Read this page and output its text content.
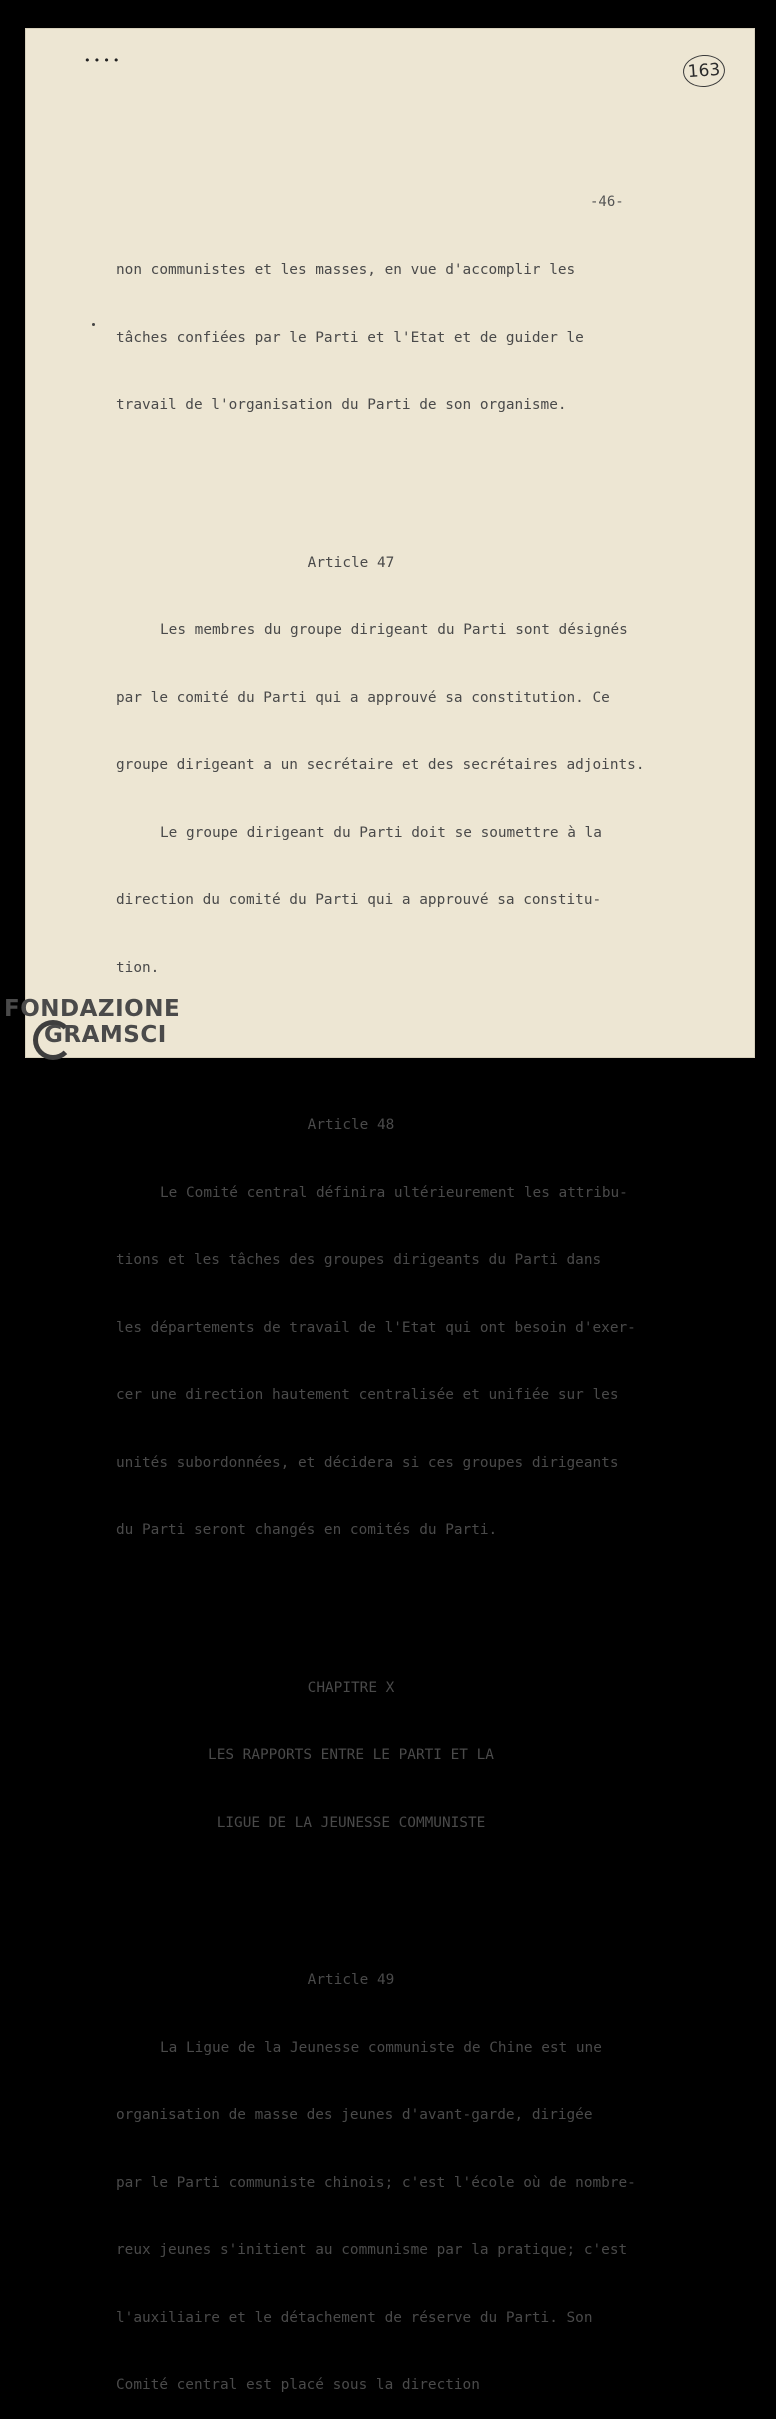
••••	163
-46-

non communistes et les masses, en vue d'accomplir les

tâches confiées par le Parti et l'Etat et de guider le

travail de l'organisation du Parti de son organisme.

Article 47

Les membres du groupe dirigeant du Parti sont désignés

par le comité du Parti qui a approuvé sa constitution. Ce

groupe dirigeant a un secrétaire et des secrétaires adjoints.

Le groupe dirigeant du Parti doit se soumettre à la

direction du comité du Parti qui a approuvé sa constitu-

tion.

Article 48

Le Comité central définira ultérieurement les attribu-

tions et les tâches des groupes dirigeants du Parti dans

les départements de travail de l'Etat qui ont besoin d'exer-

cer une direction hautement centralisée et unifiée sur les

unités subordonnées, et décidera si ces groupes dirigeants

du Parti seront changés en comités du Parti.

CHAPITRE X

LES RAPPORTS ENTRE LE PARTI ET LA

LIGUE DE LA JEUNESSE COMMUNISTE

Article 49

La Ligue de la Jeunesse communiste de Chine est une

organisation de masse des jeunes d'avant-garde, dirigée

par le Parti communiste chinois; c'est l'école où de nombre-

reux jeunes s'initient au communisme par la pratique; c'est

l'auxiliaire et le détachement de réserve du Parti. Son

Comité central est placé sous la direction

FONDAZIONE
GRAMSCI
